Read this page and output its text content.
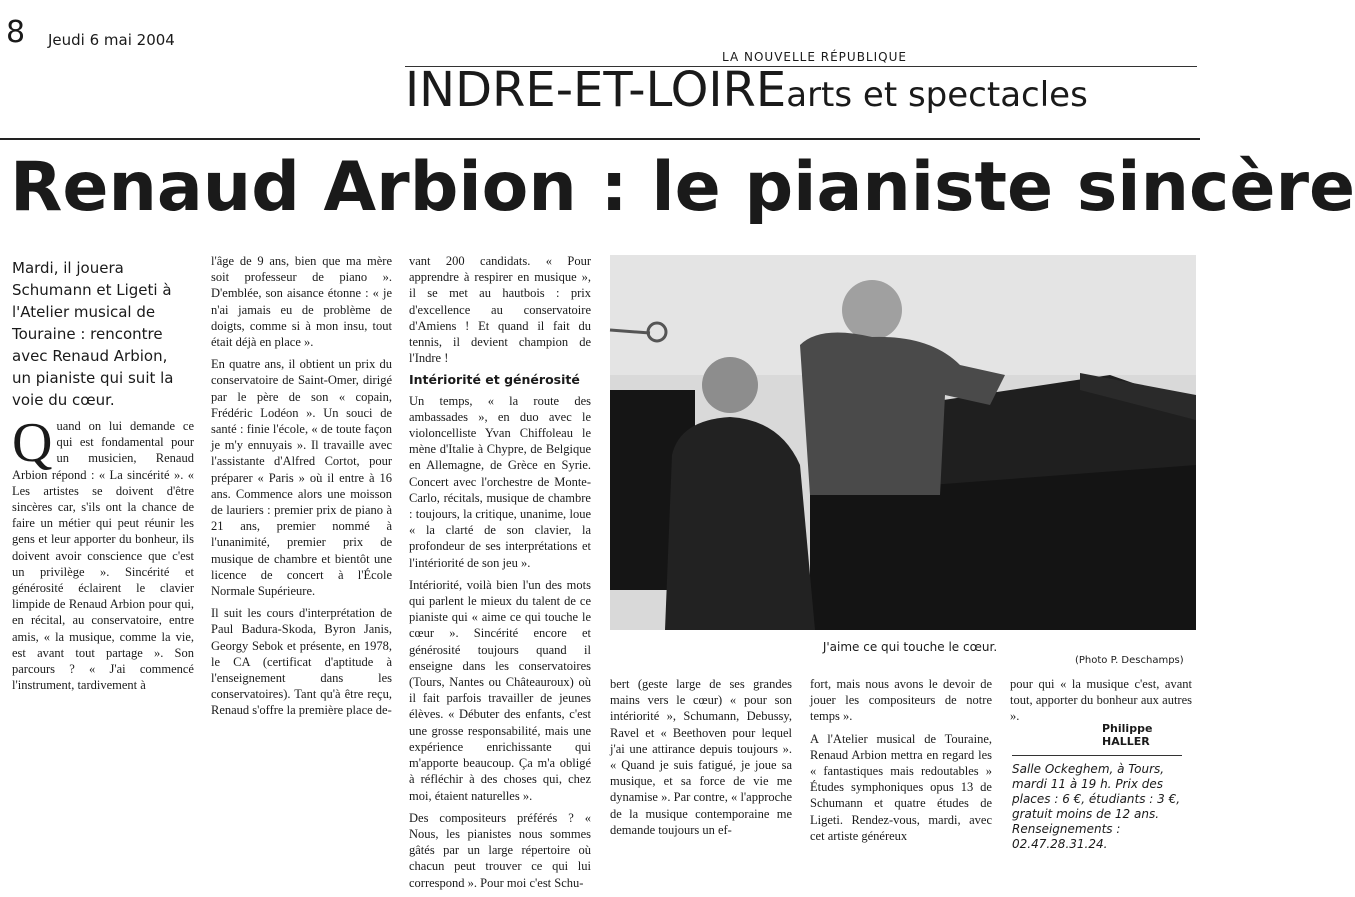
8 Jeudi 6 mai 2004
LA NOUVELLE RÉPUBLIQUE
INDRE-ET-LOIREarts et spectacles
Renaud Arbion : le pianiste sincère
Mardi, il jouera Schumann et Ligeti à l'Atelier musical de Touraine : rencontre avec Renaud Arbion, un pianiste qui suit la voie du cœur.
Quand on lui demande ce qui est fondamental pour un musicien, Renaud Arbion répond : « La sincérité ». « Les artistes se doivent d'être sincères car, s'ils ont la chance de faire un métier qui peut réunir les gens et leur apporter du bonheur, ils doivent avoir conscience que c'est un privilège ». Sincérité et générosité éclairent le clavier limpide de Renaud Arbion pour qui, en récital, au conservatoire, entre amis, « la musique, comme la vie, est avant tout partage ». Son parcours ? « J'ai commencé l'instrument, tardivement à

l'âge de 9 ans, bien que ma mère soit professeur de piano ». D'emblée, son aisance étonne : « je n'ai jamais eu de problème de doigts, comme si à mon insu, tout était déjà en place ».

En quatre ans, il obtient un prix du conservatoire de Saint-Omer, dirigé par le père de son « copain, Frédéric Lodéon ». Un souci de santé : finie l'école, « de toute façon je m'y ennuyais ». Il travaille avec l'assistante d'Alfred Cortot, pour préparer « Paris » où il entre à 16 ans. Commence alors une moisson de lauriers : premier prix de piano à 21 ans, premier nommé à l'unanimité, premier prix de musique de chambre et bientôt une licence de concert à l'École Normale Supérieure.

Il suit les cours d'interprétation de Paul Badura-Skoda, Byron Janis, Georgy Sebok et présente, en 1978, le CA (certificat d'aptitude à l'enseignement dans les conservatoires). Tant qu'à être reçu, Renaud s'offre la première place de-

vant 200 candidats. « Pour apprendre à respirer en musique », il se met au hautbois : prix d'excellence au conservatoire d'Amiens ! Et quand il fait du tennis, il devient champion de l'Indre !

Intériorité et générosité

Un temps, « la route des ambassades », en duo avec le violoncelliste Yvan Chiffoleau le mène d'Italie à Chypre, de Belgique en Allemagne, de Grèce en Syrie. Concert avec l'orchestre de Monte-Carlo, récitals, musique de chambre : toujours, la critique, unanime, loue « la clarté de son clavier, la profondeur de ses interprétations et l'intériorité de son jeu ».

Intériorité, voilà bien l'un des mots qui parlent le mieux du talent de ce pianiste qui « aime ce qui touche le cœur ». Sincérité encore et générosité toujours quand il enseigne dans les conservatoires (Tours, Nantes ou Châteauroux) où il fait parfois travailler de jeunes élèves. « Débuter des enfants, c'est une grosse responsabilité, mais une expérience enrichissante qui m'apporte beaucoup. Ça m'a obligé à réfléchir à des choses qui, chez moi, étaient naturelles ».

Des compositeurs préférés ? « Nous, les pianistes nous sommes gâtés par un large répertoire où chacun peut trouver ce qui lui correspond ». Pour moi c'est Schu-

J'aime ce qui touche le cœur.
(Photo P. Deschamps)

bert (geste large de ses grandes mains vers le cœur) « pour son intériorité », Schumann, Debussy, Ravel et « Beethoven pour lequel j'ai une attirance depuis toujours ». « Quand je suis fatigué, je joue sa musique, et sa force de vie me dynamise ». Par contre, « l'approche de la musique contemporaine me demande toujours un ef-

fort, mais nous avons le devoir de jouer les compositeurs de notre temps ».

A l'Atelier musical de Touraine, Renaud Arbion mettra en regard les « fantastiques mais redoutables » Études symphoniques opus 13 de Schumann et quatre études de Ligeti. Rendez-vous, mardi, avec cet artiste généreux

pour qui « la musique c'est, avant tout, apporter du bonheur aux autres ».

Philippe HALLER
Salle Ockeghem, à Tours, mardi 11 à 19 h. Prix des places : 6 €, étudiants : 3 €, gratuit moins de 12 ans. Renseignements : 02.47.28.31.24.
